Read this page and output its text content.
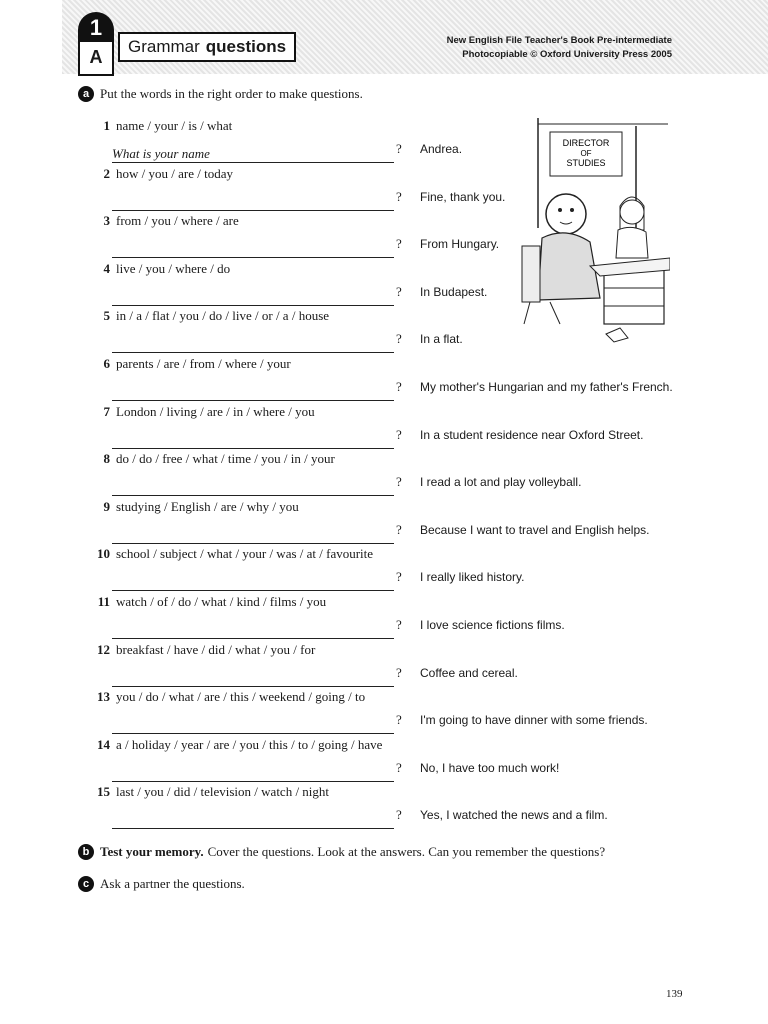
1
A
Grammar questions	New English File Teacher's Book Pre-intermediate
Photocopiable © Oxford University Press 2005
a Put the words in the right order to make questions.
1 name / your / is / what
What is your name	? Andrea.
2 how / you / are / today
? Fine, thank you.
3 from / you / where / are
? From Hungary.
4 live / you / where / do
? In Budapest.
5 in / a / flat / you / do / live / or / a / house
? In a flat.
6 parents / are / from / where / your
? My mother's Hungarian and my father's French.
7 London / living / are / in / where / you
? In a student residence near Oxford Street.
8 do / do / free / what / time / you / in / your
? I read a lot and play volleyball.
9 studying / English / are / why / you
? Because I want to travel and English helps.
10 school / subject / what / your / was / at / favourite
? I really liked history.
11 watch / of / do / what / kind / films / you
? I love science fictions films.
12 breakfast / have / did / what / you / for
? Coffee and cereal.
13 you / do / what / are / this / weekend / going / to
? I'm going to have dinner with some friends.
14 a / holiday / year / are / you / this / to / going / have
? No, I have too much work!
15 last / you / did / television / watch / night
? Yes, I watched the news and a film.
DIRECTOR
OF
STUDIES
b Test your memory. Cover the questions. Look at the answers. Can you remember the questions?
c Ask a partner the questions.
139
